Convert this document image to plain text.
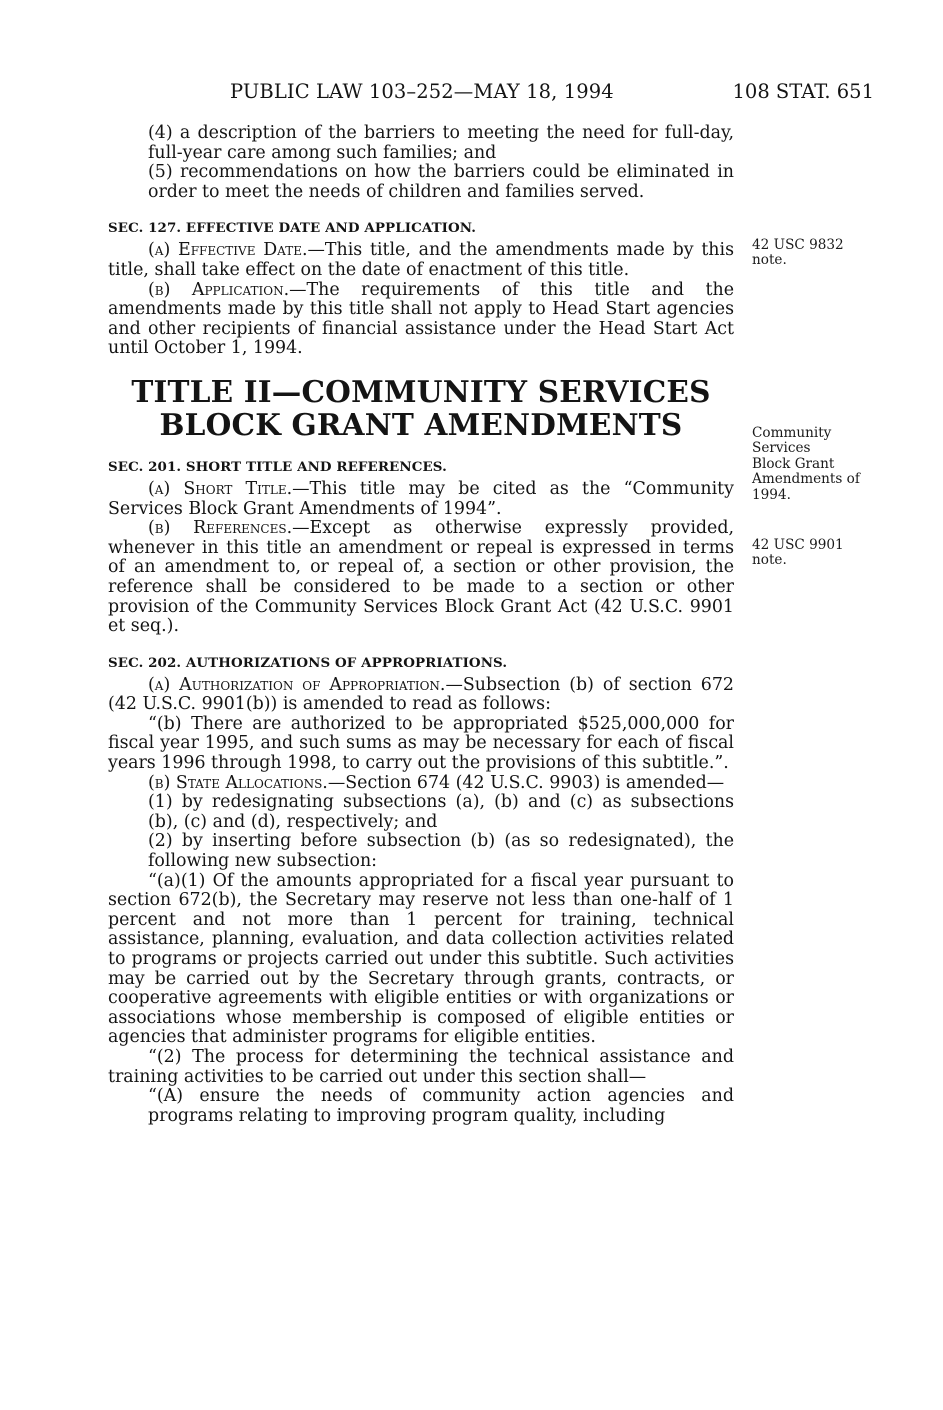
PUBLIC LAW 103–252—MAY 18, 1994	108 STAT. 651

(4) a description of the barriers to meeting the need for full-day, full-year care among such families; and

(5) recommendations on how the barriers could be eliminated in order to meet the needs of children and families served.

SEC. 127. EFFECTIVE DATE AND APPLICATION.

(a) Effective Date.—This title, and the amendments made by this title, shall take effect on the date of enactment of this title.

(b) Application.—The requirements of this title and the amendments made by this title shall not apply to Head Start agencies and other recipients of financial assistance under the Head Start Act until October 1, 1994.

TITLE II—COMMUNITY SERVICES
BLOCK GRANT AMENDMENTS
SEC. 201. SHORT TITLE AND REFERENCES.

(a) Short Title.—This title may be cited as the “Community Services Block Grant Amendments of 1994”.

(b) References.—Except as otherwise expressly provided, whenever in this title an amendment or repeal is expressed in terms of an amendment to, or repeal of, a section or other provision, the reference shall be considered to be made to a section or other provision of the Community Services Block Grant Act (42 U.S.C. 9901 et seq.).

SEC. 202. AUTHORIZATIONS OF APPROPRIATIONS.

(a) Authorization of Appropriation.—Subsection (b) of section 672 (42 U.S.C. 9901(b)) is amended to read as follows:

“(b) There are authorized to be appropriated $525,000,000 for fiscal year 1995, and such sums as may be necessary for each of fiscal years 1996 through 1998, to carry out the provisions of this subtitle.”.

(b) State Allocations.—Section 674 (42 U.S.C. 9903) is amended—

(1) by redesignating subsections (a), (b) and (c) as subsections (b), (c) and (d), respectively; and

(2) by inserting before subsection (b) (as so redesignated), the following new subsection:

“(a)(1) Of the amounts appropriated for a fiscal year pursuant to section 672(b), the Secretary may reserve not less than one-half of 1 percent and not more than 1 percent for training, technical assistance, planning, evaluation, and data collection activities related to programs or projects carried out under this subtitle. Such activities may be carried out by the Secretary through grants, contracts, or cooperative agreements with eligible entities or with organizations or associations whose membership is composed of eligible entities or agencies that administer programs for eligible entities.

“(2) The process for determining the technical assistance and training activities to be carried out under this section shall—

“(A) ensure the needs of community action agencies and programs relating to improving program quality, including

42 USC 9832
note.
Community
Services
Block Grant
Amendments of
1994.
42 USC 9901
note.
